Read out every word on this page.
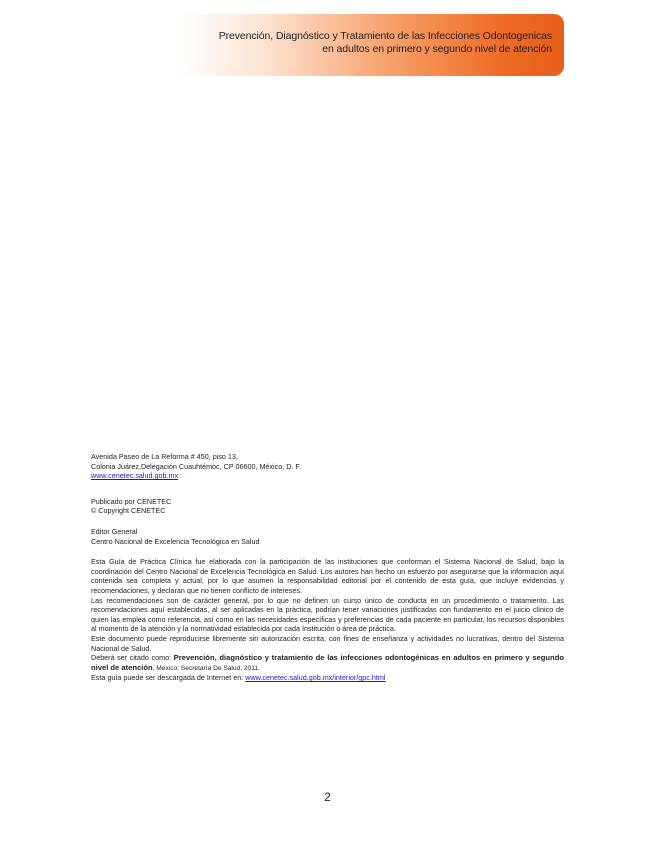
Prevención, Diagnóstico y Tratamiento de las Infecciones Odontogenicas
en adultos en primero y segundo nivel de atención

Avenida Paseo de La Reforma # 450, piso 13,

Colonia Juárez,Delegación Cuauhtémoc, CP 06600, México, D. F.

www.cenetec.salud.gob.mx

Publicado por CENETEC

© Copyright CENETEC

Editor General

Centro Nacional de Excelencia Tecnológica en Salud

Esta Guía de Práctica Clínica fue elaborada con la participación de las instituciones que conforman el Sistema Nacional de Salud, bajo la coordinación del Centro Nacional de Excelencia Tecnológica en Salud. Los autores han hecho un esfuerzo por asegurarse que la información aquí contenida sea completa y actual, por lo que asumen la responsabilidad editorial por el contenido de esta guía, que incluye evidencias y recomendaciones, y declaran que no tienen conflicto de intereses.

Las recomendaciones son de carácter general, por lo que no definen un curso único de conducta en un procedimiento o tratamiento. Las recomendaciones aquí establecidas, al ser aplicadas en la práctica, podrían tener variaciones justificadas con fundamento en el juicio clínico de quien las emplea como referencia, así como en las necesidades específicas y preferencias de cada paciente en particular, los recursos disponibles al momento de la atención y la normatividad establecida por cada Institución o área de práctica.

Este documento puede reproducirse libremente sin autorización escrita, con fines de enseñanza y actividades no lucrativas, dentro del Sistema Nacional de Salud.

Deberá ser citado como: Prevención, diagnóstico y tratamiento de las infecciones odontogénicas en adultos en primero y segundo nivel de atención. México: Secretaría De Salud, 2011.

Esta guía puede ser descargada de Internet en: www.cenetec.salud.gob.mx/interior/gpc.html

2
